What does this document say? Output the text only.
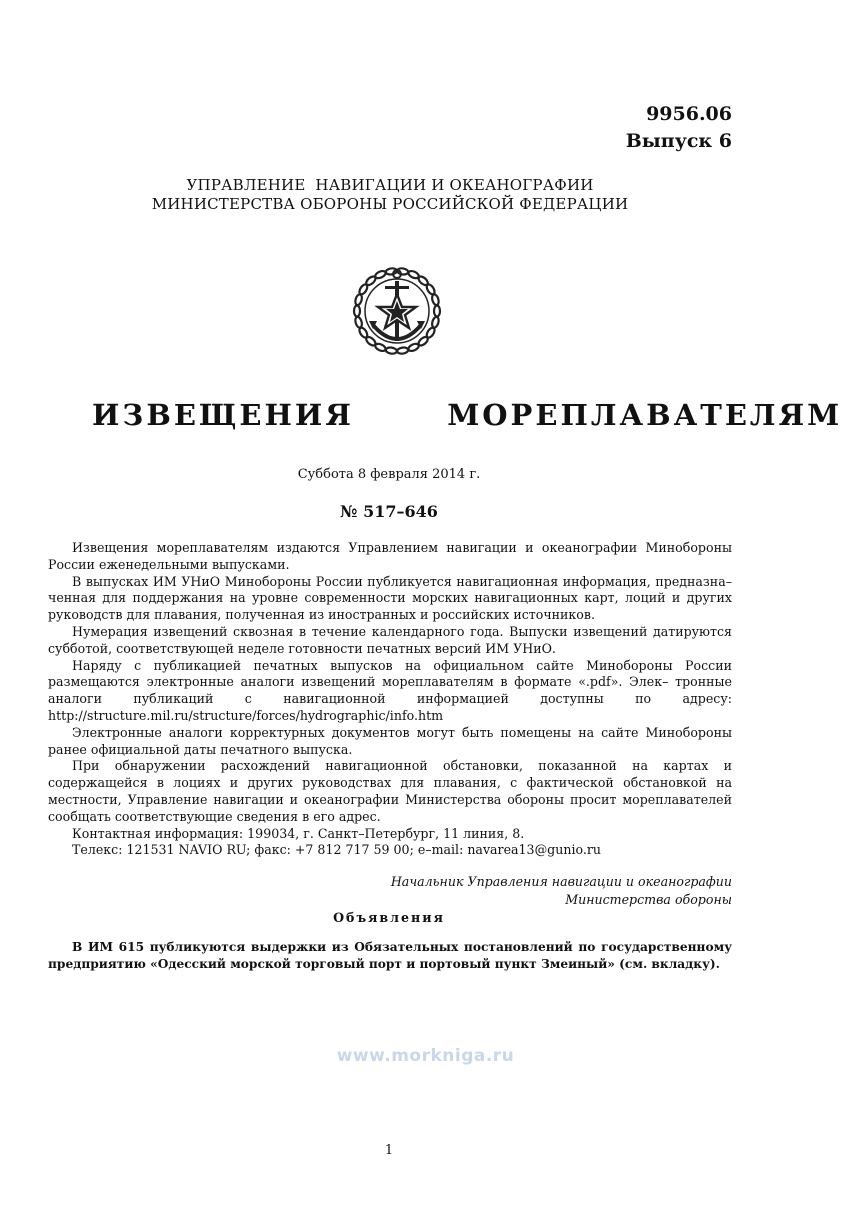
9956.06
Выпуск 6
УПРАВЛЕНИЕ  НАВИГАЦИИ И ОКЕАНОГРАФИИ
МИНИСТЕРСТВА ОБОРОНЫ РОССИЙСКОЙ ФЕДЕРАЦИИ
ИЗВЕЩЕНИЯ   МОРЕПЛАВАТЕЛЯМ
Суббота 8 февраля 2014 г.
№ 517–646

Извещения мореплавателям издаются Управлением навигации и океанографии Минобороны России еженедельными выпусками.

В выпусках ИМ УНиО Минобороны России публикуется навигационная информация, предназна– ченная для поддержания на уровне современности морских навигационных карт, лоций и других руководств для плавания, полученная из иностранных и российских источников.

Нумерация извещений сквозная в течение календарного года. Выпуски извещений датируются субботой, соответствующей неделе готовности печатных версий ИМ УНиО.

Наряду с публикацией печатных выпусков на официальном сайте Минобороны России размещаются электронные аналоги извещений мореплавателям в формате «.pdf». Элек– тронные аналоги публикаций с навигационной информацией доступны по адресу: http://structure.mil.ru/structure/forces/hydrographic/info.htm

Электронные аналоги корректурных документов могут быть помещены на сайте Минобороны ранее официальной даты печатного выпуска.

При обнаружении расхождений навигационной обстановки, показанной на картах и содержащейся в лоциях и других руководствах для плавания, с фактической обстановкой на местности, Управление навигации и океанографии Министерства обороны просит мореплавателей сообщать соответствующие сведения в его адрес.

Контактная информация: 199034, г. Санкт–Петербург, 11 линия, 8.

Телекс: 121531 NAVIO RU; факс: +7 812 717 59 00; e–mail: navarea13@gunio.ru

Начальник Управления навигации и океанографии
Министерства обороны
Объявления

В ИМ 615 публикуются выдержки из Обязательных постановлений по государственному предприятию «Одесский морской торговый порт и портовый пункт Змеиный» (см. вкладку).

www.morkniga.ru
1
